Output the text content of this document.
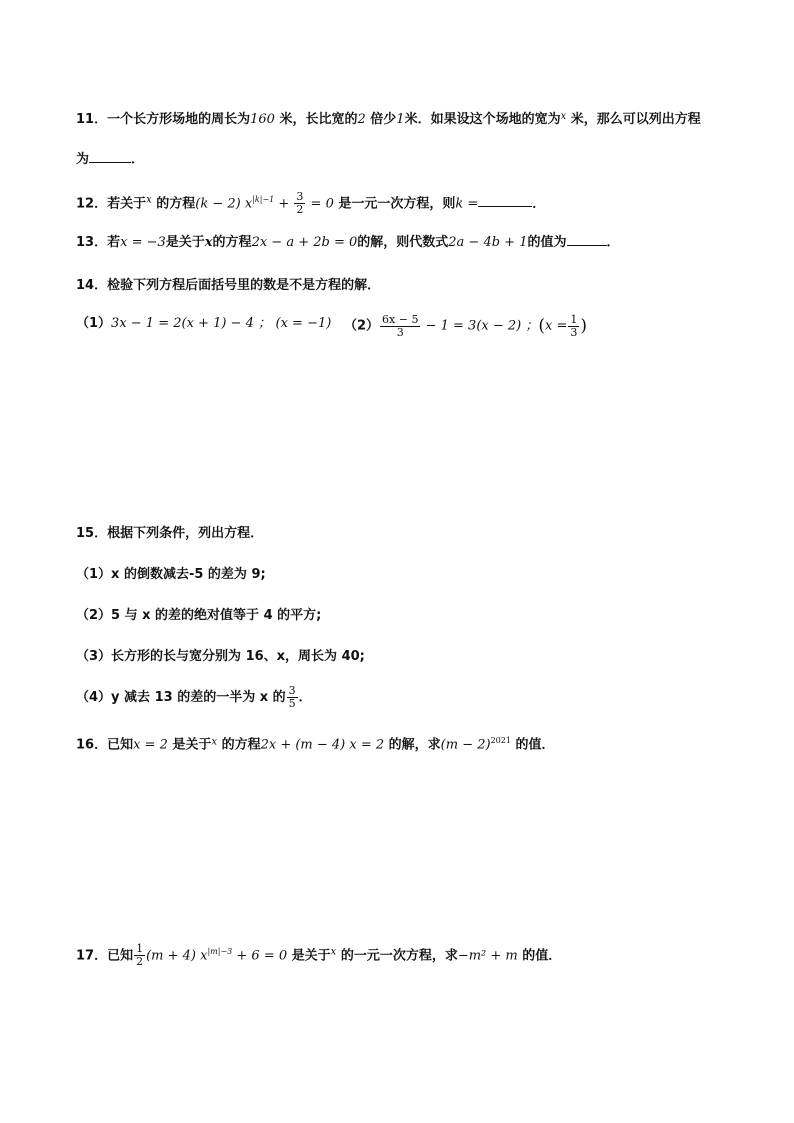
11．一个长方形场地的周长为160 米，长比宽的2 倍少1米．如果设这个场地的宽为$^x$ 米，那么可以列出方程
为	．
12．若关于$^x$ 的方程(k − 2) $x^{|k|-1} + \frac{3}{2} = 0$ 是一元一次方程，则k =	．
13．若x = −3是关于x的方程2x − a + 2b = 0的解，则代数式2a − 4b + 1的值为	．
14．检验下列方程后面括号里的数是不是方程的解．
（1）3x − 1 = 2(x + 1) − 4 ； (x = −1) $(2) \frac{6x - 5}{3} - 1 = 3(x - 2)$ ；($x = \frac{1}{3}$ )
15．根据下列条件，列出方程．
（1）x 的倒数减去-5 的差为 9;
（2）5 与 x 的差的绝对值等于 4 的平方;
（3）长方形的长与宽分别为 16、x，周长为 40;
（4）y 减去 13 的差的一半为 x 的 $\frac{3}{5}$ ．
16．已知x = 2 是关于$^x$ 的方程2x + (m − 4) x = 2 的解，求$(m - 2)^{2021}$ 的值．
17．已知 $\frac{1}{2} (m + 4) x^{|m|-3} + 6 = 0$ 是关于$^x$ 的一元一次方程，求−m² + m 的值．
